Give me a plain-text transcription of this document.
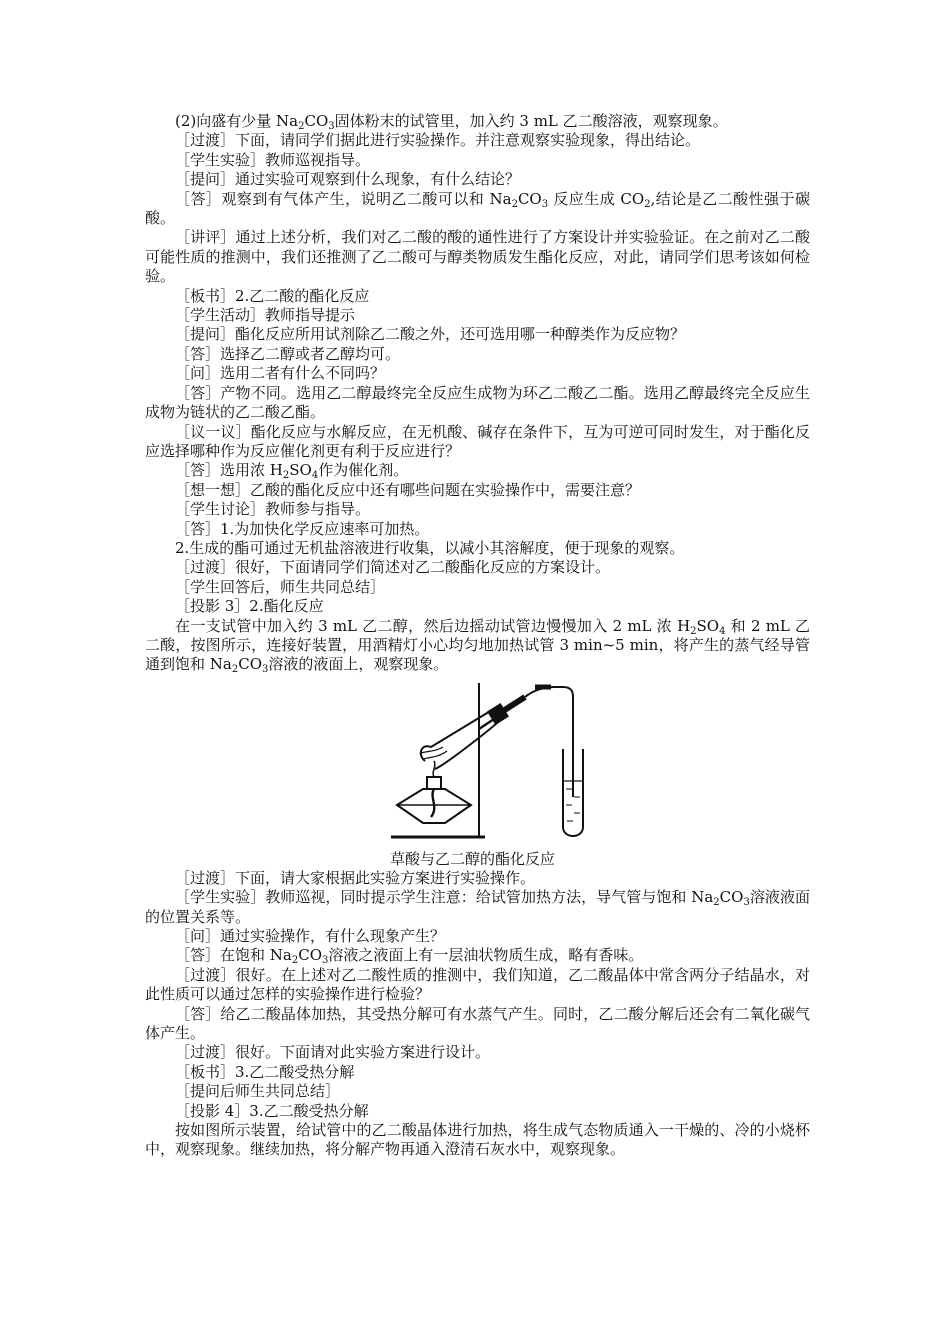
(2)向盛有少量 $Na_2CO_3$固体粉末的试管里，加入约 3 mL 乙二酸溶液，观察现象。

［过渡］下面，请同学们据此进行实验操作。并注意观察实验现象，得出结论。

［学生实验］教师巡视指导。

［提问］通过实验可观察到什么现象，有什么结论？

［答］观察到有气体产生，说明乙二酸可以和 $Na_2CO_3$ 反应生成 $CO_2$,结论是乙二酸性强于碳酸。

［讲评］通过上述分析，我们对乙二酸的酸的通性进行了方案设计并实验验证。在之前对乙二酸可能性质的推测中，我们还推测了乙二酸可与醇类物质发生酯化反应，对此，请同学们思考该如何检验。

［板书］2.乙二酸的酯化反应

［学生活动］教师指导提示

［提问］酯化反应所用试剂除乙二酸之外，还可选用哪一种醇类作为反应物？

［答］选择乙二醇或者乙醇均可。

［问］选用二者有什么不同吗？

［答］产物不同。选用乙二醇最终完全反应生成物为环乙二酸乙二酯。选用乙醇最终完全反应生成物为链状的乙二酸乙酯。

［议一议］酯化反应与水解反应，在无机酸、碱存在条件下，互为可逆可同时发生，对于酯化反应选择哪种作为反应催化剂更有利于反应进行？

［答］选用浓 $H_2SO_4$作为催化剂。

［想一想］乙酸的酯化反应中还有哪些问题在实验操作中，需要注意？

［学生讨论］教师参与指导。

［答］1.为加快化学反应速率可加热。

2.生成的酯可通过无机盐溶液进行收集，以减小其溶解度，便于现象的观察。

［过渡］很好，下面请同学们简述对乙二酸酯化反应的方案设计。

［学生回答后，师生共同总结］

［投影 3］2.酯化反应

在一支试管中加入约 3 mL 乙二醇，然后边摇动试管边慢慢加入 2 mL 浓 $H_2SO_4$ 和 2 mL 乙二酸，按图所示，连接好装置，用酒精灯小心均匀地加热试管 3 min~5 min，将产生的蒸气经导管通到饱和 $Na_2CO_3$溶液的液面上，观察现象。

草酸与乙二醇的酯化反应

［过渡］下面，请大家根据此实验方案进行实验操作。

［学生实验］教师巡视，同时提示学生注意：给试管加热方法，导气管与饱和 $Na_2CO_3$溶液液面的位置关系等。

［问］通过实验操作，有什么现象产生？

［答］在饱和 $Na_2CO_3$溶液之液面上有一层油状物质生成，略有香味。

［过渡］很好。在上述对乙二酸性质的推测中，我们知道，乙二酸晶体中常含两分子结晶水，对此性质可以通过怎样的实验操作进行检验？

［答］给乙二酸晶体加热，其受热分解可有水蒸气产生。同时，乙二酸分解后还会有二氧化碳气体产生。

［过渡］很好。下面请对此实验方案进行设计。

［板书］3.乙二酸受热分解

［提问后师生共同总结］

［投影 4］3.乙二酸受热分解

按如图所示装置，给试管中的乙二酸晶体进行加热，将生成气态物质通入一干燥的、冷的小烧杯中，观察现象。继续加热，将分解产物再通入澄清石灰水中，观察现象。
